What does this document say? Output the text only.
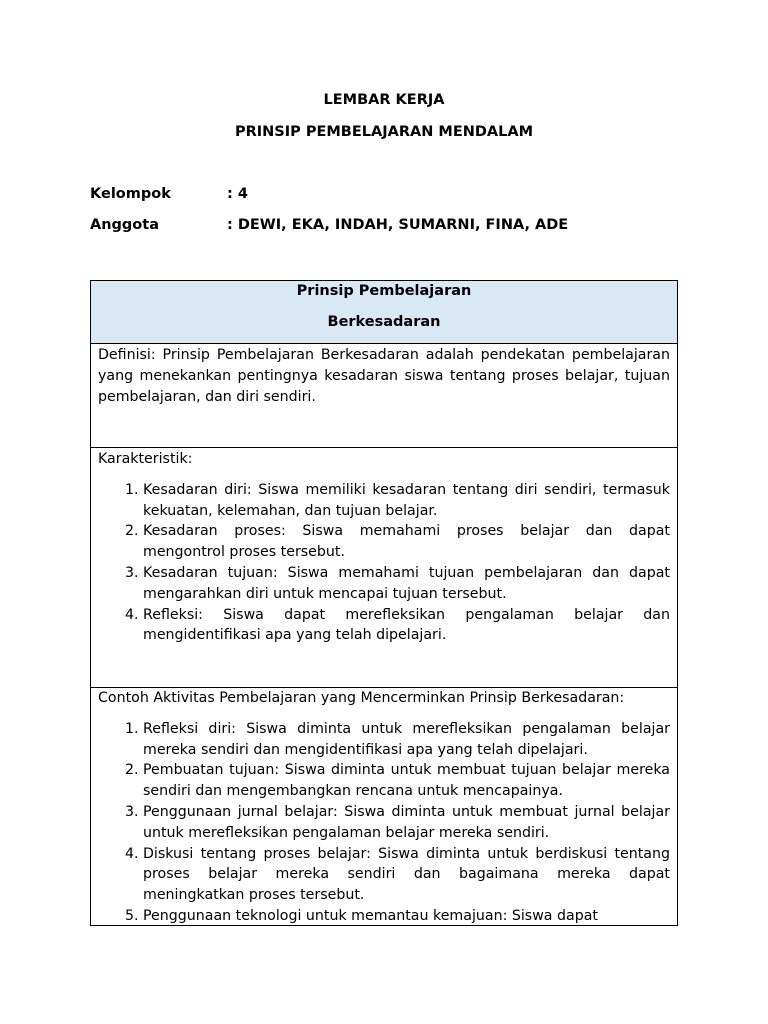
LEMBAR KERJA
PRINSIP PEMBELAJARAN MENDALAM
Kelompok	: 4
Anggota	: DEWI, EKA, INDAH, SUMARNI, FINA, ADE
Prinsip Pembelajaran
Berkesadaran
Definisi: Prinsip Pembelajaran Berkesadaran adalah pendekatan pembelajaran yang menekankan pentingnya kesadaran siswa tentang proses belajar, tujuan pembelajaran, dan diri sendiri.

Karakteristik:

1. Kesadaran diri: Siswa memiliki kesadaran tentang diri sendiri, termasuk kekuatan, kelemahan, dan tujuan belajar.
2. Kesadaran proses: Siswa memahami proses belajar dan dapat mengontrol proses tersebut.
3. Kesadaran tujuan: Siswa memahami tujuan pembelajaran dan dapat mengarahkan diri untuk mencapai tujuan tersebut.
4. Refleksi: Siswa dapat merefleksikan pengalaman belajar dan mengidentifikasi apa yang telah dipelajari.

Contoh Aktivitas Pembelajaran yang Mencerminkan Prinsip Berkesadaran:

1. Refleksi diri: Siswa diminta untuk merefleksikan pengalaman belajar mereka sendiri dan mengidentifikasi apa yang telah dipelajari.
2. Pembuatan tujuan: Siswa diminta untuk membuat tujuan belajar mereka sendiri dan mengembangkan rencana untuk mencapainya.
3. Penggunaan jurnal belajar: Siswa diminta untuk membuat jurnal belajar untuk merefleksikan pengalaman belajar mereka sendiri.
4. Diskusi tentang proses belajar: Siswa diminta untuk berdiskusi tentang proses belajar mereka sendiri dan bagaimana mereka dapat meningkatkan proses tersebut.
5. Penggunaan teknologi untuk memantau kemajuan: Siswa dapat
